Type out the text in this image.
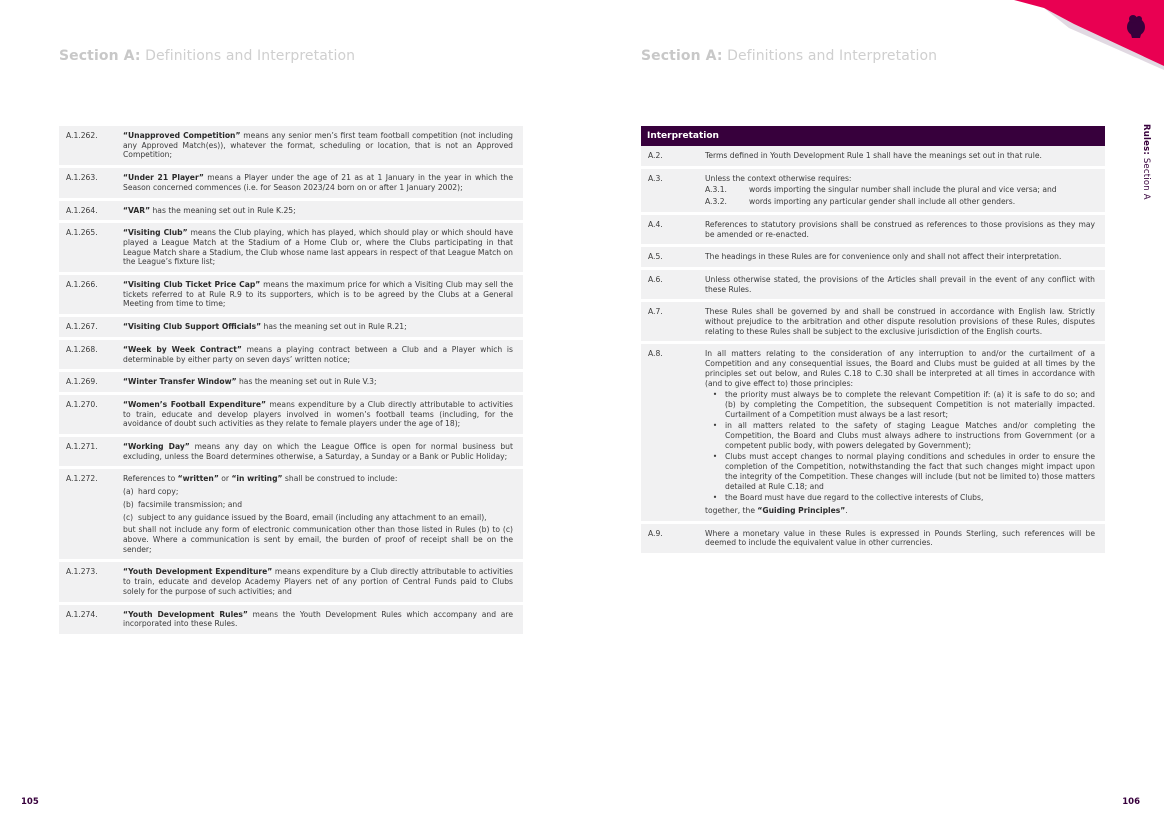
Section A: Definitions and Interpretation
A.1.262.	“Unapproved Competition” means any senior men’s first team football competition (not including any Approved Match(es)), whatever the format, scheduling or location, that is not an Approved Competition;
A.1.263.	“Under 21 Player” means a Player under the age of 21 as at 1 January in the year in which the Season concerned commences (i.e. for Season 2023/24 born on or after 1 January 2002);
A.1.264.	“VAR” has the meaning set out in Rule K.25;
A.1.265.	“Visiting Club” means the Club playing, which has played, which should play or which should have played a League Match at the Stadium of a Home Club or, where the Clubs participating in that League Match share a Stadium, the Club whose name last appears in respect of that League Match on the League’s fixture list;
A.1.266.	“Visiting Club Ticket Price Cap” means the maximum price for which a Visiting Club may sell the tickets referred to at Rule R.9 to its supporters, which is to be agreed by the Clubs at a General Meeting from time to time;
A.1.267.	“Visiting Club Support Officials” has the meaning set out in Rule R.21;
A.1.268.	“Week by Week Contract” means a playing contract between a Club and a Player which is determinable by either party on seven days’ written notice;
A.1.269.	“Winter Transfer Window” has the meaning set out in Rule V.3;
A.1.270.	“Women’s Football Expenditure” means expenditure by a Club directly attributable to activities to train, educate and develop players involved in women’s football teams (including, for the avoidance of doubt such activities as they relate to female players under the age of 18);
A.1.271.	“Working Day” means any day on which the League Office is open for normal business but excluding, unless the Board determines otherwise, a Saturday, a Sunday or a Bank or Public Holiday;
A.1.272.	References to “written” or “in writing” shall be construed to include:
(a) hard copy;
(b) facsimile transmission; and
(c) subject to any guidance issued by the Board, email (including any attachment to an email),
but shall not include any form of electronic communication other than those listed in Rules (b) to (c) above. Where a communication is sent by email, the burden of proof of receipt shall be on the sender;
A.1.273.	“Youth Development Expenditure” means expenditure by a Club directly attributable to activities to train, educate and develop Academy Players net of any portion of Central Funds paid to Clubs solely for the purpose of such activities; and
A.1.274.	“Youth Development Rules” means the Youth Development Rules which accompany and are incorporated into these Rules.
105
Section A: Definitions and Interpretation
Rules: Section A
Interpretation
A.2.	Terms defined in Youth Development Rule 1 shall have the meanings set out in that rule.
A.3.	Unless the context otherwise requires:
A.3.1.	words importing the singular number shall include the plural and vice versa; and
A.3.2.	words importing any particular gender shall include all other genders.
A.4.	References to statutory provisions shall be construed as references to those provisions as they may be amended or re-enacted.
A.5.	The headings in these Rules are for convenience only and shall not affect their interpretation.
A.6.	Unless otherwise stated, the provisions of the Articles shall prevail in the event of any conflict with these Rules.
A.7.	These Rules shall be governed by and shall be construed in accordance with English law. Strictly without prejudice to the arbitration and other dispute resolution provisions of these Rules, disputes relating to these Rules shall be subject to the exclusive jurisdiction of the English courts.
A.8.	In all matters relating to the consideration of any interruption to and/or the curtailment of a Competition and any consequential issues, the Board and Clubs must be guided at all times by the principles set out below, and Rules C.18 to C.30 shall be interpreted at all times in accordance with (and to give effect to) those principles:
•	the priority must always be to complete the relevant Competition if: (a) it is safe to do so; and (b) by completing the Competition, the subsequent Competition is not materially impacted. Curtailment of a Competition must always be a last resort;
•	in all matters related to the safety of staging League Matches and/or completing the Competition, the Board and Clubs must always adhere to instructions from Government (or a competent public body, with powers delegated by Government);
•	Clubs must accept changes to normal playing conditions and schedules in order to ensure the completion of the Competition, notwithstanding the fact that such changes might impact upon the integrity of the Competition. These changes will include (but not be limited to) those matters detailed at Rule C.18; and
•	the Board must have due regard to the collective interests of Clubs,
together, the “Guiding Principles”.
A.9.	Where a monetary value in these Rules is expressed in Pounds Sterling, such references will be deemed to include the equivalent value in other currencies.
106
